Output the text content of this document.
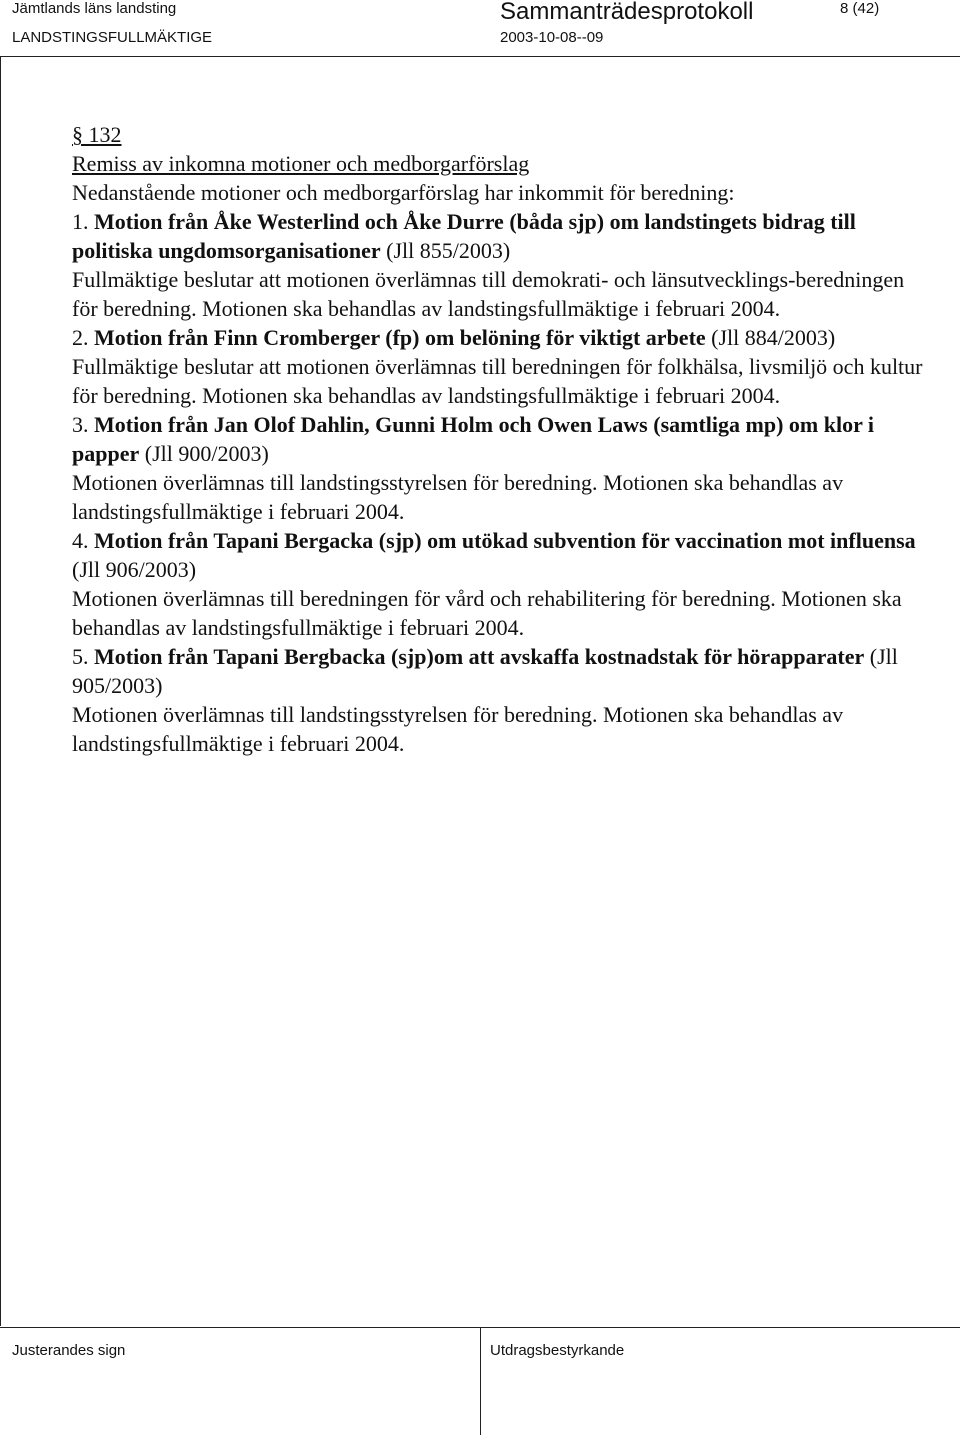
Jämtlands läns landsting
LANDSTINGSFULLMÄKTIGE
Sammanträdesprotokoll
2003-10-08--09
8 (42)

§ 132

Remiss av inkomna motioner och medborgarförslag

Nedanstående motioner och medborgarförslag har inkommit för beredning:

1. Motion från Åke Westerlind och Åke Durre (båda sjp) om landstingets bidrag till politiska ungdomsorganisationer (Jll 855/2003)

Fullmäktige beslutar att motionen överlämnas till demokrati- och länsutvecklings-beredningen för beredning. Motionen ska behandlas av landstingsfullmäktige i februari 2004.

2. Motion från Finn Cromberger (fp) om belöning för viktigt arbete (Jll 884/2003)

Fullmäktige beslutar att motionen överlämnas till beredningen för folkhälsa, livsmiljö och kultur för beredning. Motionen ska behandlas av landstingsfullmäktige i februari 2004.

3. Motion från Jan Olof Dahlin, Gunni Holm och Owen Laws (samtliga mp) om klor i papper (Jll 900/2003)

Motionen överlämnas till landstingsstyrelsen för beredning. Motionen ska behandlas av landstingsfullmäktige i februari 2004.

4. Motion från Tapani Bergacka (sjp) om utökad subvention för vaccination mot influensa (Jll 906/2003)

Motionen överlämnas till beredningen för vård och rehabilitering för beredning. Motionen ska behandlas av landstingsfullmäktige i februari 2004.

5. Motion från Tapani Bergbacka (sjp)om att avskaffa kostnadstak för hörapparater (Jll 905/2003)

Motionen överlämnas till landstingsstyrelsen för beredning. Motionen ska behandlas av landstingsfullmäktige i februari 2004.

Justerandes sign	Utdragsbestyrkande
